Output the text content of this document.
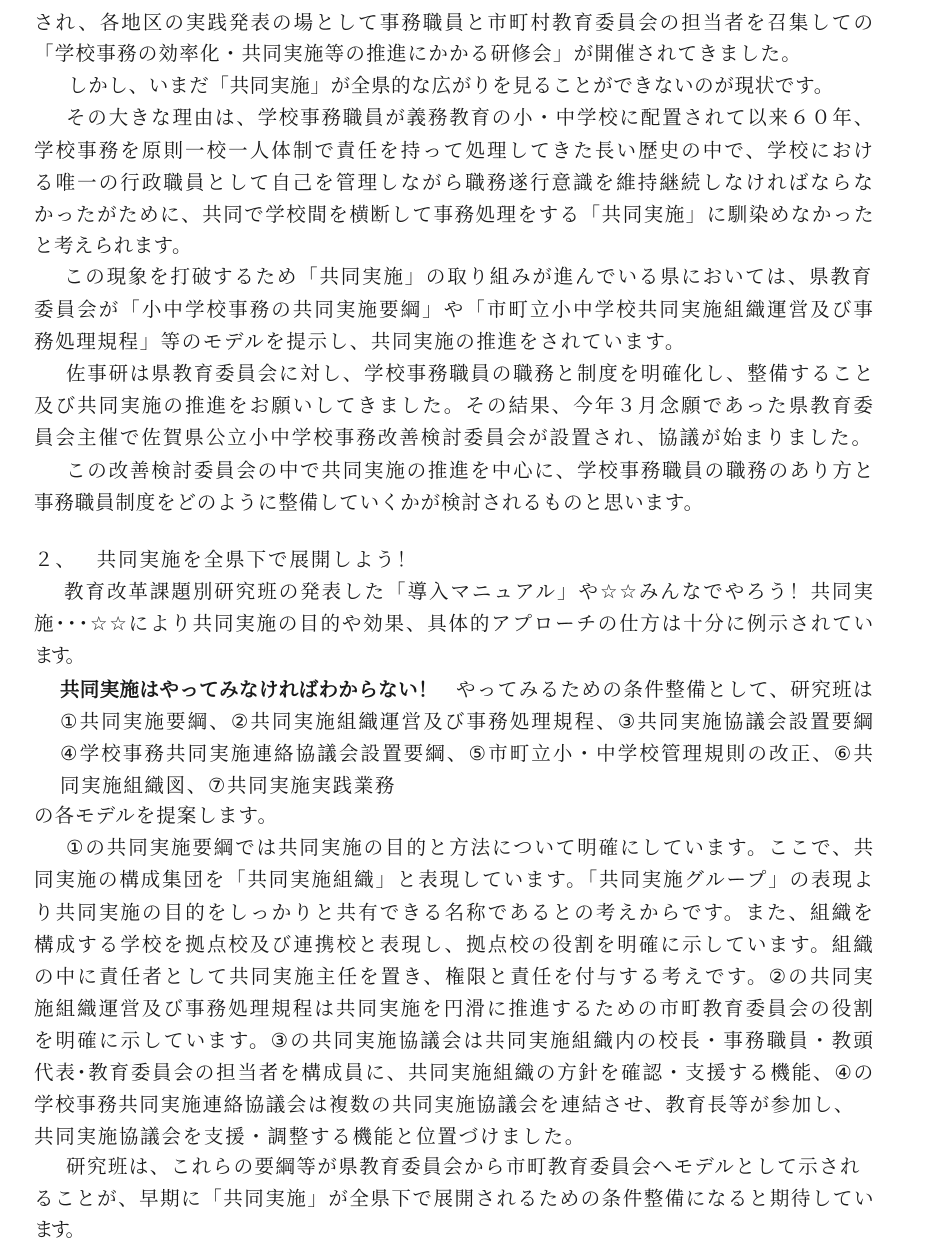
され、各地区の実践発表の場として事務職員と市町村教育委員会の担当者を召集しての
「学校事務の効率化・共同実施等の推進にかかる研修会」が開催されてきました。
しかし、いまだ「共同実施」が全県的な広がりを見ることができないのが現状です。
その大きな理由は、学校事務職員が義務教育の小・中学校に配置されて以来６０年、
学校事務を原則一校一人体制で責任を持って処理してきた長い歴史の中で、学校におけ
る唯一の行政職員として自己を管理しながら職務遂行意識を維持継続しなければならな
かったがために、共同で学校間を横断して事務処理をする「共同実施」に馴染めなかった
と考えられます。
この現象を打破するため「共同実施」の取り組みが進んでいる県においては、県教育
委員会が「小中学校事務の共同実施要綱」や「市町立小中学校共同実施組織運営及び事
務処理規程」等のモデルを提示し、共同実施の推進をされています。
佐事研は県教育委員会に対し、学校事務職員の職務と制度を明確化し、整備すること
及び共同実施の推進をお願いしてきました。その結果、今年３月念願であった県教育委
員会主催で佐賀県公立小中学校事務改善検討委員会が設置され、協議が始まりました。
この改善検討委員会の中で共同実施の推進を中心に、学校事務職員の職務のあり方と
事務職員制度をどのように整備していくかが検討されるものと思います。
２、　 共同実施を全県下で展開しよう！
教育改革課題別研究班の発表した「導入マニュアル」や☆☆みんなでやろう！共同実
施･･･☆☆により共同実施の目的や効果、具体的アプローチの仕方は十分に例示されてい
ます。
共同実施はやってみなければわからない！ やってみるための条件整備として、研究班は
①共同実施要綱、②共同実施組織運営及び事務処理規程、③共同実施協議会設置要綱
④学校事務共同実施連絡協議会設置要綱、⑤市町立小・中学校管理規則の改正、⑥共
同実施組織図、⑦共同実施実践業務
の各モデルを提案します。
①の共同実施要綱では共同実施の目的と方法について明確にしています。ここで、共
同実施の構成集団を「共同実施組織」と表現しています。「共同実施グループ」の表現よ
り共同実施の目的をしっかりと共有できる名称であるとの考えからです。また、組織を
構成する学校を拠点校及び連携校と表現し、拠点校の役割を明確に示しています。組織
の中に責任者として共同実施主任を置き、権限と責任を付与する考えです。②の共同実
施組織運営及び事務処理規程は共同実施を円滑に推進するための市町教育委員会の役割
を明確に示しています。③の共同実施協議会は共同実施組織内の校長・事務職員・教頭
代表･教育委員会の担当者を構成員に、共同実施組織の方針を確認・支援する機能、④の
学校事務共同実施連絡協議会は複数の共同実施協議会を連結させ、教育長等が参加し、
共同実施協議会を支援・調整する機能と位置づけました。
研究班は、これらの要綱等が県教育委員会から市町教育委員会へモデルとして示され
ることが、早期に「共同実施」が全県下で展開されるための条件整備になると期待してい
ます。
